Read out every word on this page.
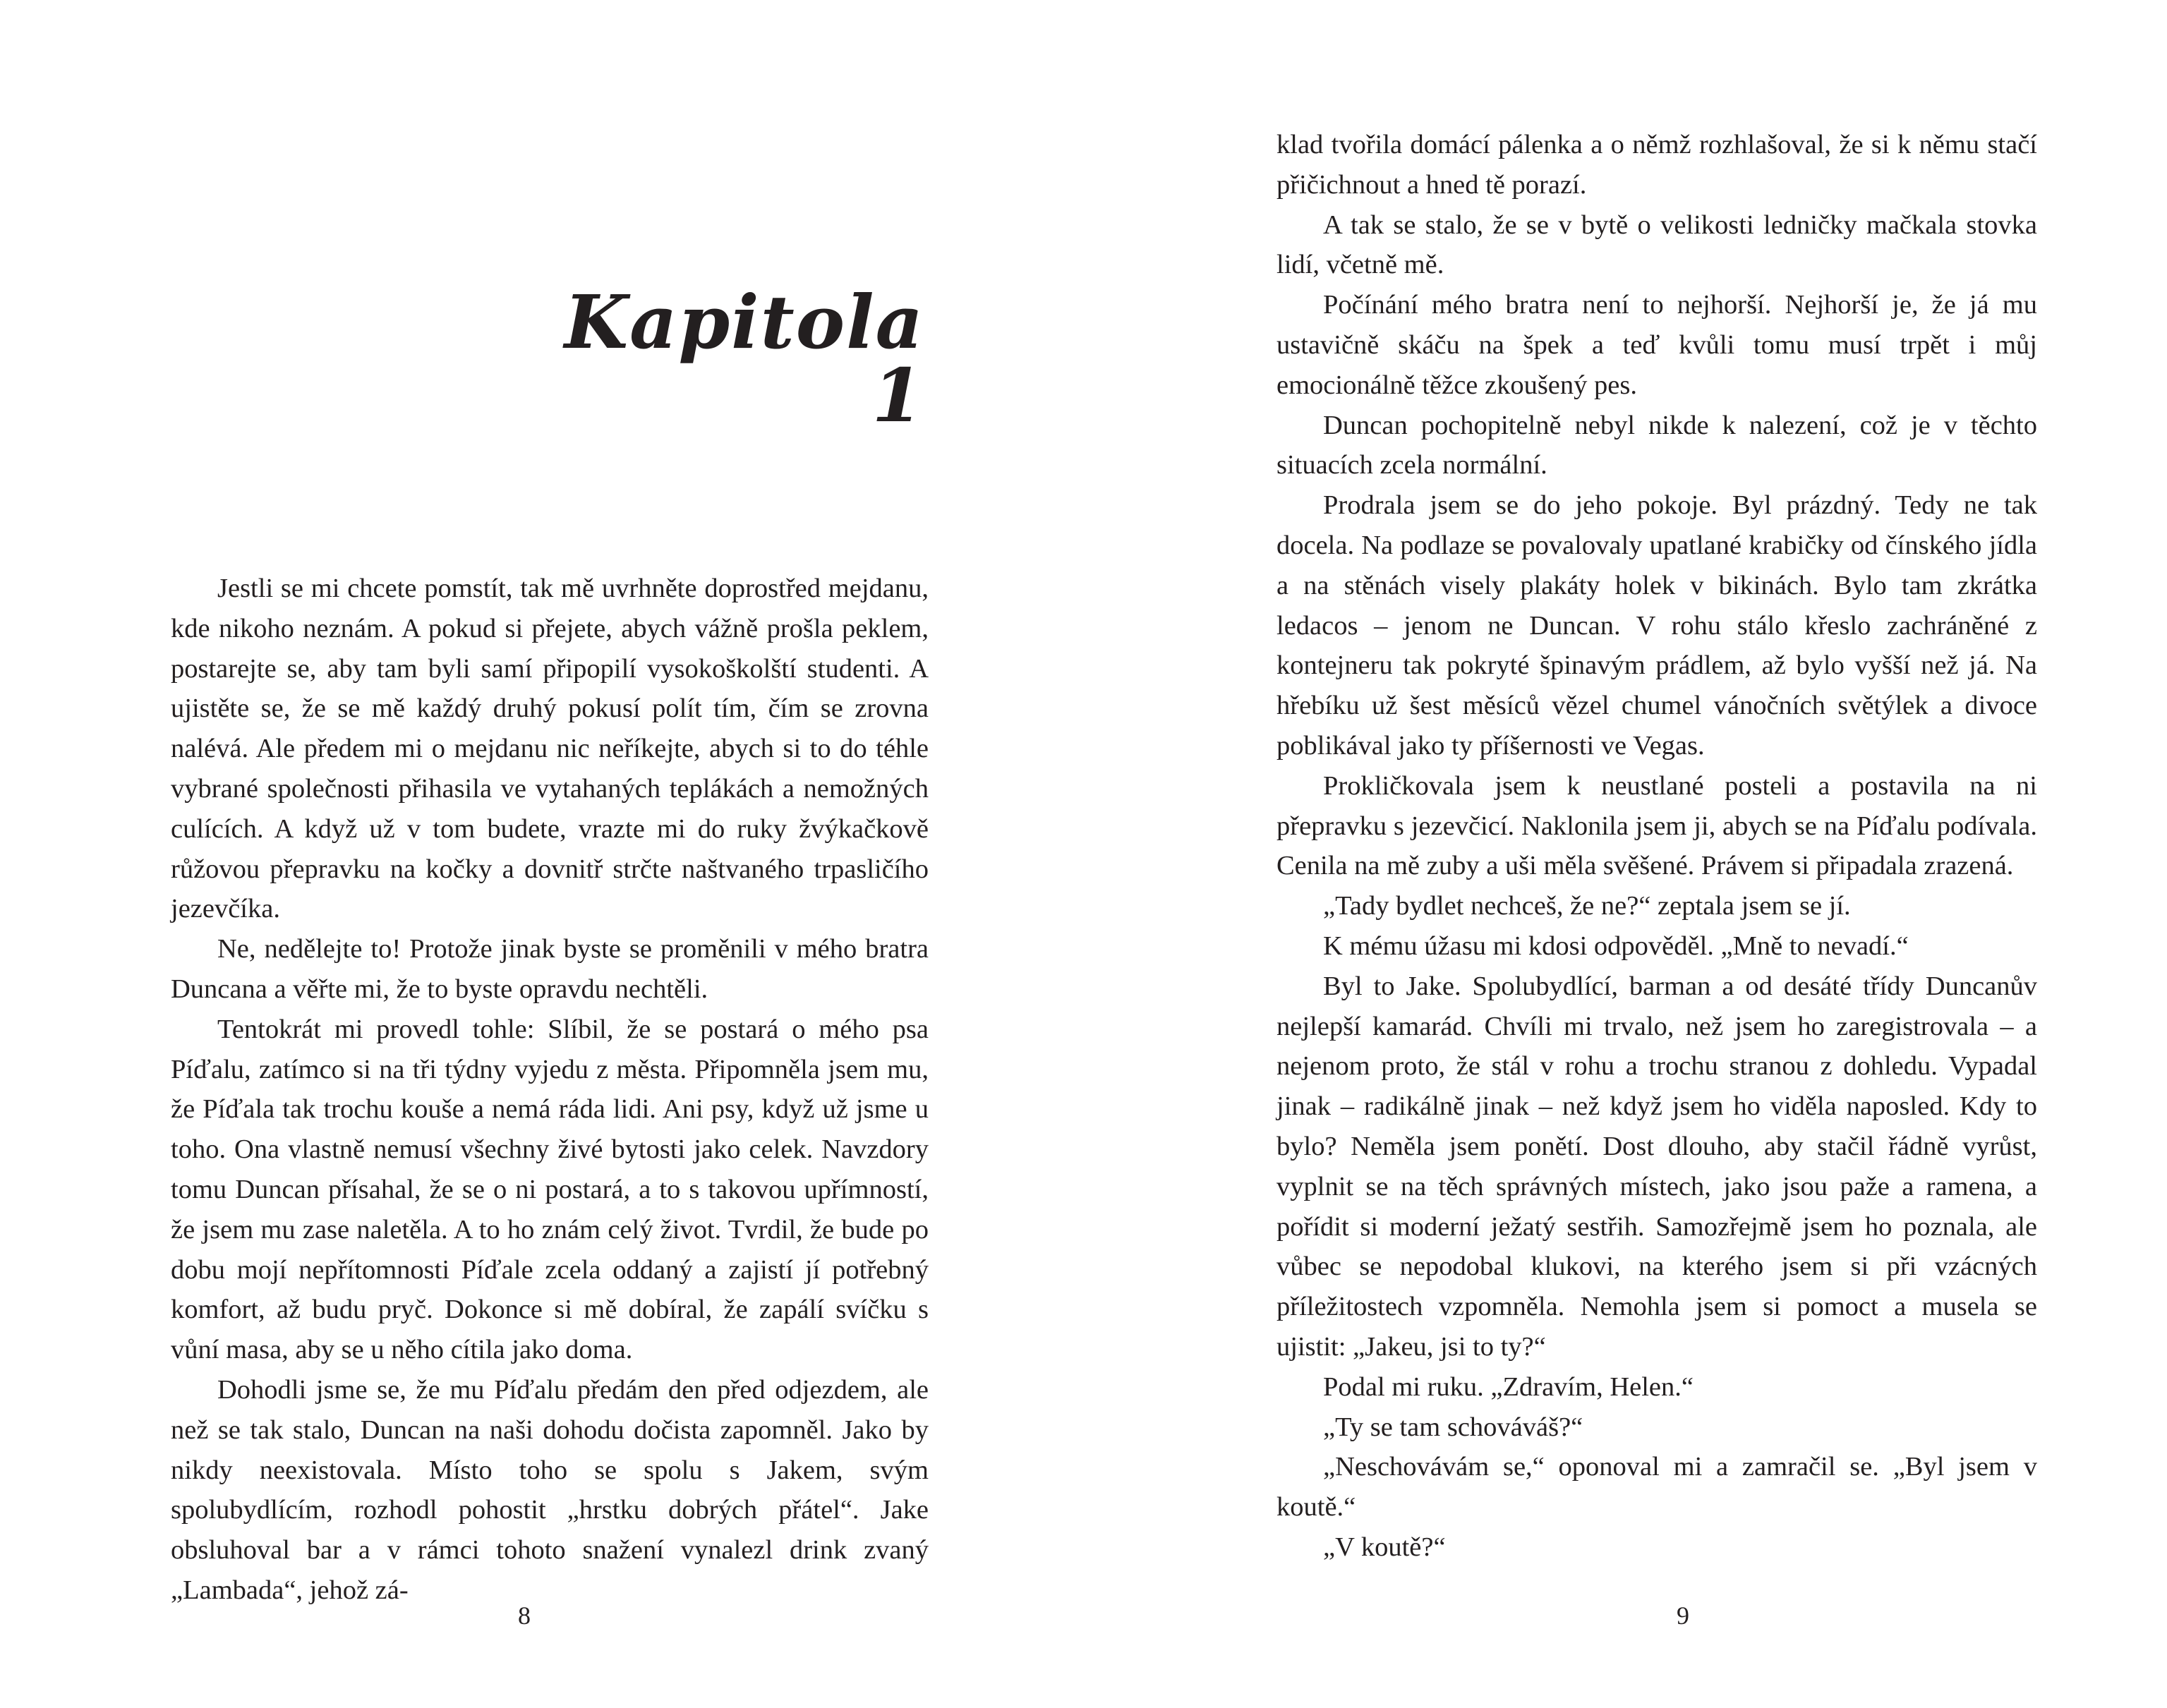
Kapitola 1

Jestli se mi chcete pomstít, tak mě uvrhněte doprostřed mejdanu, kde nikoho neznám. A pokud si přejete, abych vážně prošla peklem, postarejte se, aby tam byli samí připopilí vysokoškolští studenti. A ujistěte se, že se mě každý druhý pokusí polít tím, čím se zrovna nalévá. Ale předem mi o mejdanu nic neříkejte, abych si to do téhle vybrané společnosti přihasila ve vytahaných teplákách a nemožných culících. A když už v tom budete, vrazte mi do ruky žvýkačkově růžovou přepravku na kočky a dovnitř strčte naštvaného trpasličího jezevčíka.

Ne, nedělejte to! Protože jinak byste se proměnili v mého bratra Duncana a věřte mi, že to byste opravdu nechtěli.

Tentokrát mi provedl tohle: Slíbil, že se postará o mého psa Píďalu, zatímco si na tři týdny vyjedu z města. Připomněla jsem mu, že Píďala tak trochu kouše a nemá ráda lidi. Ani psy, když už jsme u toho. Ona vlastně nemusí všechny živé bytosti jako celek. Navzdory tomu Duncan přísahal, že se o ni postará, a to s takovou upřímností, že jsem mu zase naletěla. A to ho znám celý život. Tvrdil, že bude po dobu mojí nepřítomnosti Píďale zcela oddaný a zajistí jí potřebný komfort, až budu pryč. Dokonce si mě dobíral, že zapálí svíčku s vůní masa, aby se u něho cítila jako doma.

Dohodli jsme se, že mu Píďalu předám den před odjezdem, ale než se tak stalo, Duncan na naši dohodu dočista zapomněl. Jako by nikdy neexistovala. Místo toho se spolu s Jakem, svým spolubydlícím, rozhodl pohostit „hrstku dobrých přátel“. Jake obsluhoval bar a v rámci tohoto snažení vynalezl drink zvaný „Lambada“, jehož zá-

8

klad tvořila domácí pálenka a o němž rozhlašoval, že si k němu stačí přičichnout a hned tě porazí.

A tak se stalo, že se v bytě o velikosti ledničky mačkala stovka lidí, včetně mě.

Počínání mého bratra není to nejhorší. Nejhorší je, že já mu ustavičně skáču na špek a teď kvůli tomu musí trpět i můj emocionálně těžce zkoušený pes.

Duncan pochopitelně nebyl nikde k nalezení, což je v těchto situacích zcela normální.

Prodrala jsem se do jeho pokoje. Byl prázdný. Tedy ne tak docela. Na podlaze se povalovaly upatlané krabičky od čínského jídla a na stěnách visely plakáty holek v bikinách. Bylo tam zkrátka ledacos – jenom ne Duncan. V rohu stálo křeslo zachráněné z kontejneru tak pokryté špinavým prádlem, až bylo vyšší než já. Na hřebíku už šest měsíců vězel chumel vánočních světýlek a divoce poblikával jako ty příšernosti ve Vegas.

Prokličkovala jsem k neustlané posteli a postavila na ni přepravku s jezevčicí. Naklonila jsem ji, abych se na Píďalu podívala. Cenila na mě zuby a uši měla svěšené. Právem si připadala zrazená.

„Tady bydlet nechceš, že ne?“ zeptala jsem se jí.

K mému úžasu mi kdosi odpověděl. „Mně to nevadí.“

Byl to Jake. Spolubydlící, barman a od desáté třídy Duncanův nejlepší kamarád. Chvíli mi trvalo, než jsem ho zaregistrovala – a nejenom proto, že stál v rohu a trochu stranou z dohledu. Vypadal jinak – radikálně jinak – než když jsem ho viděla naposled. Kdy to bylo? Neměla jsem ponětí. Dost dlouho, aby stačil řádně vyrůst, vyplnit se na těch správných místech, jako jsou paže a ramena, a pořídit si moderní ježatý sestřih. Samozřejmě jsem ho poznala, ale vůbec se nepodobal klukovi, na kterého jsem si při vzácných příležitostech vzpomněla. Nemohla jsem si pomoct a musela se ujistit: „Jakeu, jsi to ty?“

Podal mi ruku. „Zdravím, Helen.“

„Ty se tam schováváš?“

„Neschovávám se,“ oponoval mi a zamračil se. „Byl jsem v koutě.“

„V koutě?“

9
